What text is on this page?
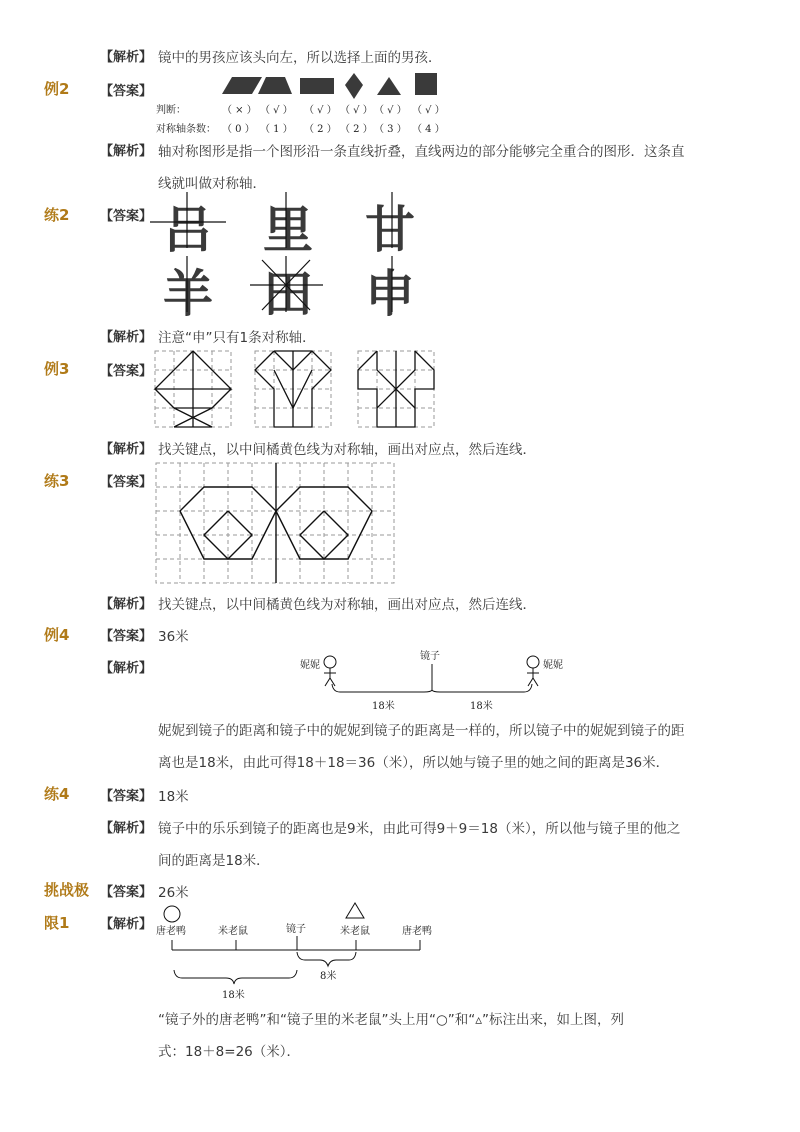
【解析】 镜中的男孩应该头向左，所以选择上面的男孩．
例2 【答案】
判断：	（ × ） （ √ ） （ √ ） （ √ ） （ √ ） （ √ ）
对称轴条数： （ 0 ） （ 1 ） （ 2 ） （ 2 ） （ 3 ） （ 4 ）
【解析】 轴对称图形是指一个图形沿一条直线折叠，直线两边的部分能够完全重合的图形．这条直
线就叫做对称轴．
练2 【答案】 吕 里 甘
羊 田 申
【解析】 注意“申”只有1条对称轴．
例3 【答案】
【解析】 找关键点，以中间橘黄色线为对称轴，画出对应点，然后连线．
练3 【答案】
【解析】 找关键点，以中间橘黄色线为对称轴，画出对应点，然后连线．
例4 【答案】 36米
【解析】	妮妮
镜子
妮妮
18米	18米
妮妮到镜子的距离和镜子中的妮妮到镜子的距离是一样的，所以镜子中的妮妮到镜子的距
离也是18米，由此可得18＋18＝36（米），所以她与镜子里的她之间的距离是36米．
练4 【答案】 18米
【解析】 镜子中的乐乐到镜子的距离也是9米，由此可得9＋9＝18（米），所以他与镜子里的他之
间的距离是18米．
挑战极
限1
【答案】 26米
【解析】 唐老鸭	米老鼠	镜子	米老鼠	唐老鸭
8米
18米
“镜子外的唐老鸭”和“镜子里的米老鼠”头上用“○”和“▵”标注出来，如上图，列
式：18＋8=26（米）．
